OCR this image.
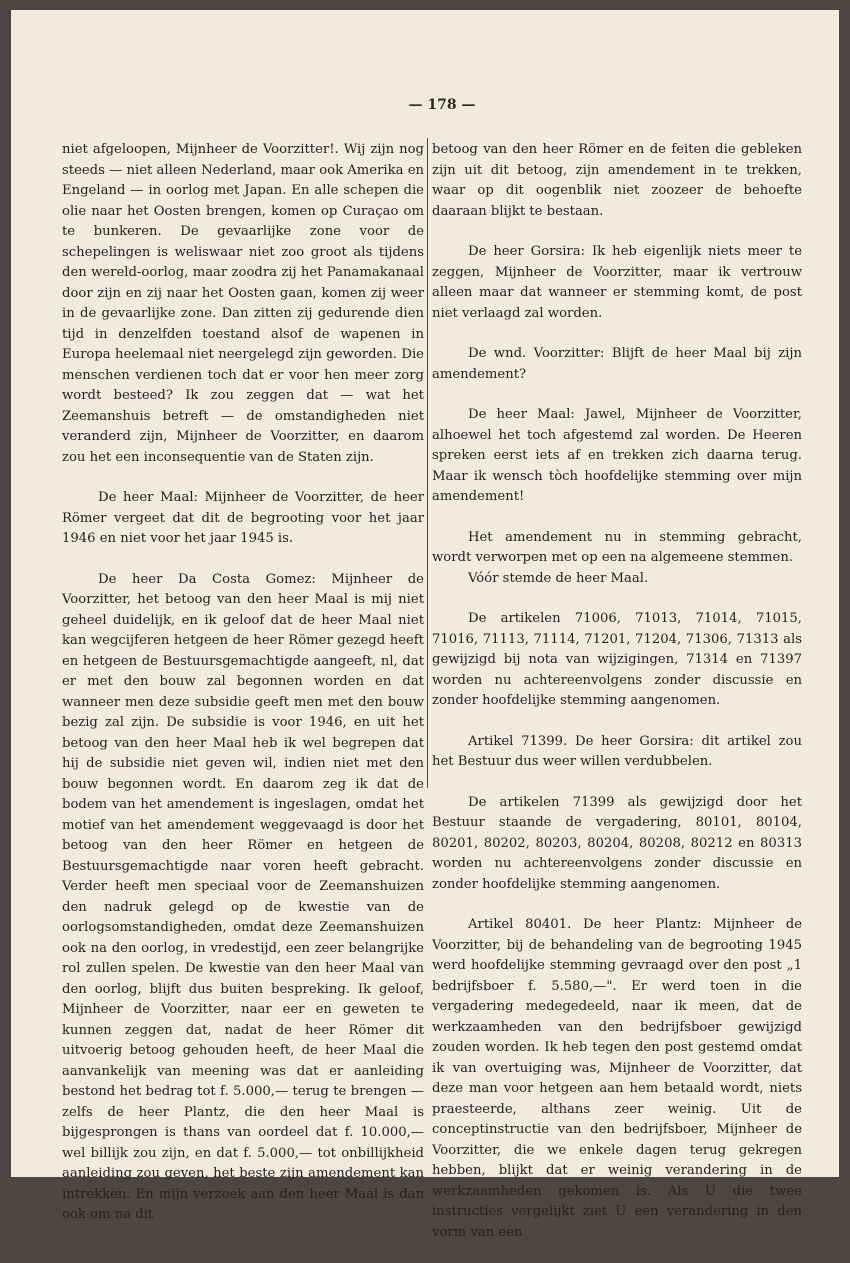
— 178 —

niet afgeloopen, Mijnheer de Voorzitter!. Wij zijn nog steeds — niet alleen Nederland, maar ook Amerika en Engeland — in oorlog met Japan. En alle schepen die olie naar het Oosten brengen, komen op Curaçao om te bunkeren. De gevaarlijke zone voor de schepelingen is weliswaar niet zoo groot als tijdens den wereld-oorlog, maar zoodra zij het Panamakanaal door zijn en zij naar het Oosten gaan, komen zij weer in de gevaarlijke zone. Dan zitten zij gedurende dien tijd in denzelfden toestand alsof de wapenen in Europa heelemaal niet neergelegd zijn geworden. Die menschen verdienen toch dat er voor hen meer zorg wordt besteed? Ik zou zeggen dat — wat het Zeemanshuis betreft — de omstandigheden niet veranderd zijn, Mijnheer de Voorzitter, en daarom zou het een inconsequentie van de Staten zijn.

De heer Maal: Mijnheer de Voorzitter, de heer Römer vergeet dat dit de begrooting voor het jaar 1946 en niet voor het jaar 1945 is.

De heer Da Costa Gomez: Mijnheer de Voorzitter, het betoog van den heer Maal is mij niet geheel duidelijk, en ik geloof dat de heer Maal niet kan wegcijferen hetgeen de heer Römer gezegd heeft en hetgeen de Bestuursgemachtigde aangeeft, nl, dat er met den bouw zal begonnen worden en dat wanneer men deze subsidie geeft men met den bouw bezig zal zijn. De subsidie is voor 1946, en uit het betoog van den heer Maal heb ik wel begrepen dat hij de subsidie niet geven wil, indien niet met den bouw begonnen wordt. En daarom zeg ik dat de bodem van het amendement is ingeslagen, omdat het motief van het amendement weggevaagd is door het betoog van den heer Römer en hetgeen de Bestuursgemachtigde naar voren heeft gebracht. Verder heeft men speciaal voor de Zeemanshuizen den nadruk gelegd op de kwestie van de oorlogsomstandigheden, omdat deze Zeemanshuizen ook na den oorlog, in vredestijd, een zeer belangrijke rol zullen spelen. De kwestie van den heer Maal van den oorlog, blijft dus buiten bespreking. Ik geloof, Mijnheer de Voorzitter, naar eer en geweten te kunnen zeggen dat, nadat de heer Römer dit uitvoerig betoog gehouden heeft, de heer Maal die aanvankelijk van meening was dat er aanleiding bestond het bedrag tot f. 5.000,— terug te brengen — zelfs de heer Plantz, die den heer Maal is bijgesprongen is thans van oordeel dat f. 10.000,— wel billijk zou zijn, en dat f. 5.000,— tot onbillijkheid aanleiding zou geven, het beste zijn amendement kan intrekken. En mijn verzoek aan den heer Maal is dan ook om na dit

betoog van den heer Römer en de feiten die gebleken zijn uit dit betoog, zijn amendement in te trekken, waar op dit oogenblik niet zoozeer de behoefte daaraan blijkt te bestaan.

De heer Gorsira: Ik heb eigenlijk niets meer te zeggen, Mijnheer de Voorzitter, maar ik vertrouw alleen maar dat wanneer er stemming komt, de post niet verlaagd zal worden.

De wnd. Voorzitter: Blijft de heer Maal bij zijn amendement?

De heer Maal: Jawel, Mijnheer de Voorzitter, alhoewel het toch afgestemd zal worden. De Heeren spreken eerst iets af en trekken zich daarna terug. Maar ik wensch tòch hoofdelijke stemming over mijn amendement!

Het amendement nu in stemming gebracht, wordt verworpen met op een na algemeene stemmen.

Vóór stemde de heer Maal.

De artikelen 71006, 71013, 71014, 71015, 71016, 71113, 71114, 71201, 71204, 71306, 71313 als gewijzigd bij nota van wijzigingen, 71314 en 71397 worden nu achtereenvolgens zonder discussie en zonder hoofdelijke stemming aangenomen.

Artikel 71399. De heer Gorsira: dit artikel zou het Bestuur dus weer willen verdubbelen.

De artikelen 71399 als gewijzigd door het Bestuur staande de vergadering, 80101, 80104, 80201, 80202, 80203, 80204, 80208, 80212 en 80313 worden nu achtereenvolgens zonder discussie en zonder hoofdelijke stemming aangenomen.

Artikel 80401. De heer Plantz: Mijnheer de Voorzitter, bij de behandeling van de begrooting 1945 werd hoofdelijke stemming gevraagd over den post „1 bedrijfsboer f. 5.580,—". Er werd toen in die vergadering medegedeeld, naar ik meen, dat de werkzaamheden van den bedrijfsboer gewijzigd zouden worden. Ik heb tegen den post gestemd omdat ik van overtuiging was, Mijnheer de Voorzitter, dat deze man voor hetgeen aan hem betaald wordt, niets praesteerde, althans zeer weinig. Uit de conceptinstructie van den bedrijfsboer, Mijnheer de Voorzitter, die we enkele dagen terug gekregen hebben, blijkt dat er weinig verandering in de werkzaamheden gekomen is. Als U die twee instructies vergelijkt ziet U een verandering in den vorm van een
